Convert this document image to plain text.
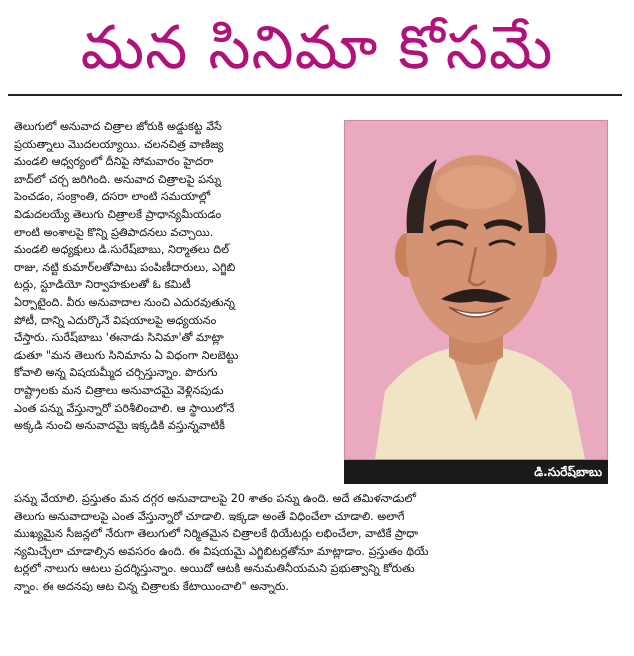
మన సినిమా కోసమే
తెలుగులో అనువాద చిత్రాల జోరుకి అడ్డుకట్ట వేసే
ప్రయత్నాలు మొదలయ్యాయి. చలనచిత్ర వాణిజ్య
మండలి ఆధ్వర్యంలో దీనిపై సోమవారం హైదరా
బాద్‌లో చర్చ జరిగింది. అనువాద చిత్రాలపై పన్ను
పెంచడం, సంక్రాంతి, దసరా లాంటి సమయాల్లో
విడుదలయ్యే తెలుగు చిత్రాలకే ప్రాధాన్యమీయడం
లాంటి అంశాలపై కొన్ని ప్రతిపాదనలు వచ్చాయి.
మండలి అధ్యక్షులు డి.సురేష్‌బాబు, నిర్మాతలు దిల్
రాజు, నట్టి కుమార్‌లతోపాటు పంపిణీదారులు, ఎగ్జిబి
టర్లు, స్టూడియో నిర్వాహకులతో ఓ కమిటీ
ఏర్పాటైంది. వీరు అనువాదాల నుంచి ఎదురవుతున్న
పోటీ, దాన్ని ఎదుర్కొనే విషయాలపై అధ్యయనం
చేస్తారు. సురేష్‌బాబు 'ఈనాడు సినిమా'తో మాట్లా
డుతూ "మన తెలుగు సినిమాను ఏ విధంగా నిలబెట్టు
కోవాలి అన్న విషయమ్మీద చర్చిస్తున్నాం. పొరుగు
రాష్ట్రాలకు మన చిత్రాలు అనువాదమై వెళ్లినపుడు
ఎంత పన్ను వేస్తున్నారో పరిశీలించాలి. ఆ స్థాయిలోనే
అక్కడి నుంచి అనువాదమై ఇక్కడికి వస్తున్నవాటికీ
డి.సురేష్‌బాబు
పన్ను వేయాలి. ప్రస్తుతం మన దగ్గర అనువాదాలపై 20 శాతం పన్ను ఉంది. అదే తమిళనాడులో
తెలుగు అనువాదాలపై ఎంత వేస్తున్నారో చూడాలి. ఇక్కడా అంతే విధించేలా చూడాలి. అలాగే
ముఖ్యమైన సీజన్లలో నేరుగా తెలుగులో నిర్మితమైన చిత్రాలకే థియేటర్లు లభించేలా, వాటికే ప్రాధా
న్యమిచ్చేలా చూడాల్సిన అవసరం ఉంది. ఈ విషయమై ఎగ్జిబిటర్లతోనూ మాట్లాడాం. ప్రస్తుతం థియే
టర్లలో నాలుగు ఆటలు ప్రదర్శిస్తున్నాం. అయిదో ఆటకి అనుమతినీయమని ప్రభుత్వాన్ని కోరుతు
న్నాం. ఈ అదనపు ఆట చిన్న చిత్రాలకు కేటాయించాలి" అన్నారు.
